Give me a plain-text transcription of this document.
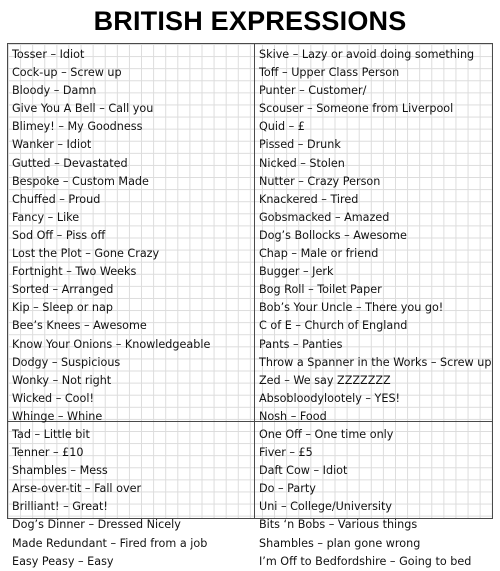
BRITISH EXPRESSIONS
Tosser – Idiot
Cock-up – Screw up
Bloody – Damn
Give You A Bell – Call you
Blimey! – My Goodness
Wanker – Idiot
Gutted – Devastated
Bespoke – Custom Made
Chuffed – Proud
Fancy – Like
Sod Off – Piss off
Lost the Plot – Gone Crazy
Fortnight – Two Weeks
Sorted – Arranged
Kip – Sleep or nap
Bee’s Knees – Awesome
Know Your Onions – Knowledgeable
Dodgy – Suspicious
Wonky – Not right
Wicked – Cool!
Whinge – Whine
Tad – Little bit
Tenner – £10
Shambles – Mess
Arse-over-tit – Fall over
Brilliant! – Great!
Dog’s Dinner – Dressed Nicely
Made Redundant – Fired from a job
Easy Peasy – Easy
Skive – Lazy or avoid doing something
Toff – Upper Class Person
Punter – Customer/
Scouser – Someone from Liverpool
Quid – £
Pissed – Drunk
Nicked – Stolen
Nutter – Crazy Person
Knackered – Tired
Gobsmacked – Amazed
Dog’s Bollocks – Awesome
Chap – Male or friend
Bugger – Jerk
Bog Roll – Toilet Paper
Bob’s Your Uncle – There you go!
C of E – Church of England
Pants – Panties
Throw a Spanner in the Works – Screw up
Zed – We say ZZZZZZZ
Absobloodylootely – YES!
Nosh – Food
One Off – One time only
Fiver – £5
Daft Cow – Idiot
Do – Party
Uni – College/University
Bits ‘n Bobs – Various things
Shambles – plan gone wrong
I’m Off to Bedfordshire – Going to bed
